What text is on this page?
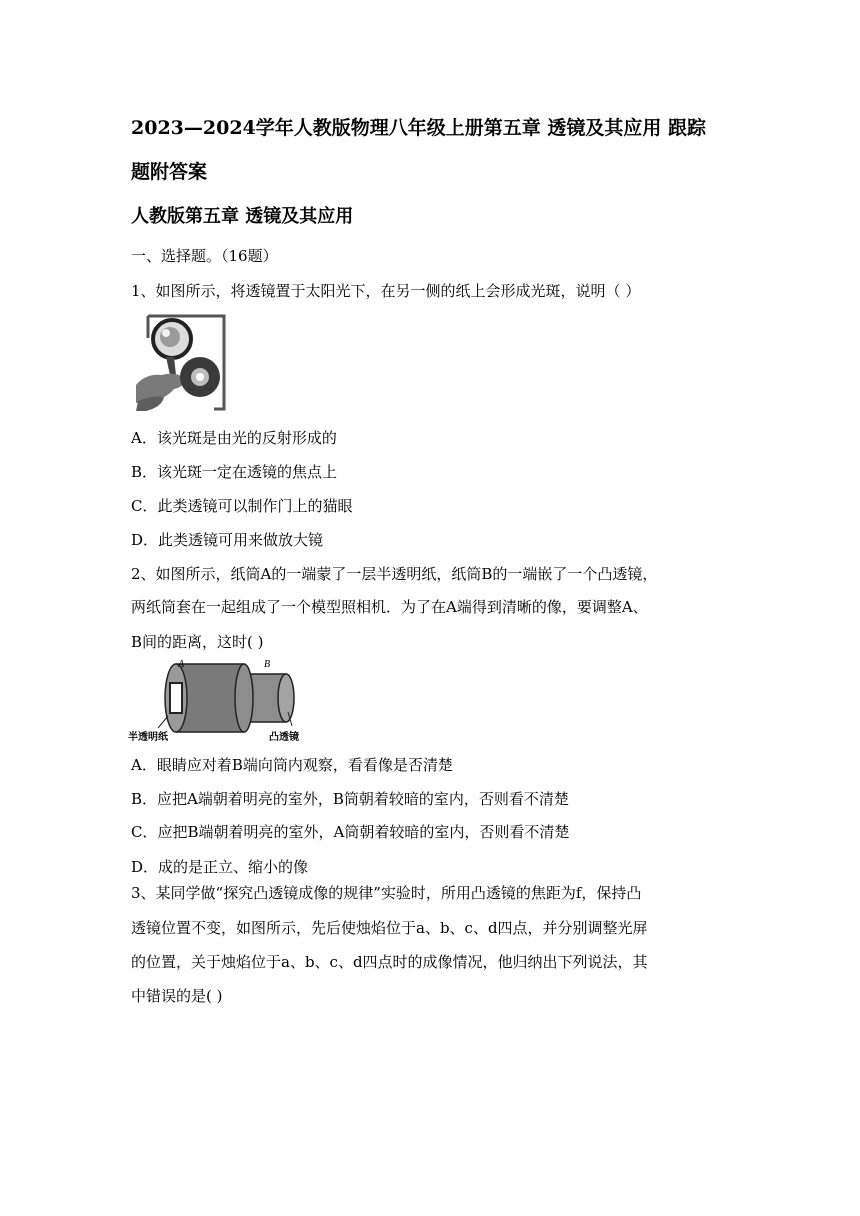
2023—2024学年人教版物理八年级上册第五章 透镜及其应用 跟踪
题附答案
人教版第五章 透镜及其应用
一、选择题。（16题）
1、如图所示，将透镜置于太阳光下，在另一侧的纸上会形成光斑，说明（ ）
A．该光斑是由光的反射形成的
B．该光斑一定在透镜的焦点上
C．此类透镜可以制作门上的猫眼
D．此类透镜可用来做放大镜
2、如图所示，纸筒A的一端蒙了一层半透明纸，纸筒B的一端嵌了一个凸透镜，
两纸筒套在一起组成了一个模型照相机．为了在A端得到清晰的像，要调整A、
B间的距离，这时( )
A	B
半透明纸	凸透镜
A．眼睛应对着B端向筒内观察，看看像是否清楚
B．应把A端朝着明亮的室外，B筒朝着较暗的室内，否则看不清楚
C．应把B端朝着明亮的室外，A筒朝着较暗的室内，否则看不清楚
D．成的是正立、缩小的像
3、某同学做“探究凸透镜成像的规律”实验时，所用凸透镜的焦距为f，保持凸
透镜位置不变，如图所示，先后使烛焰位于a、b、c、d四点，并分别调整光屏
的位置，关于烛焰位于a、b、c、d四点时的成像情况，他归纳出下列说法，其
中错误的是( )
